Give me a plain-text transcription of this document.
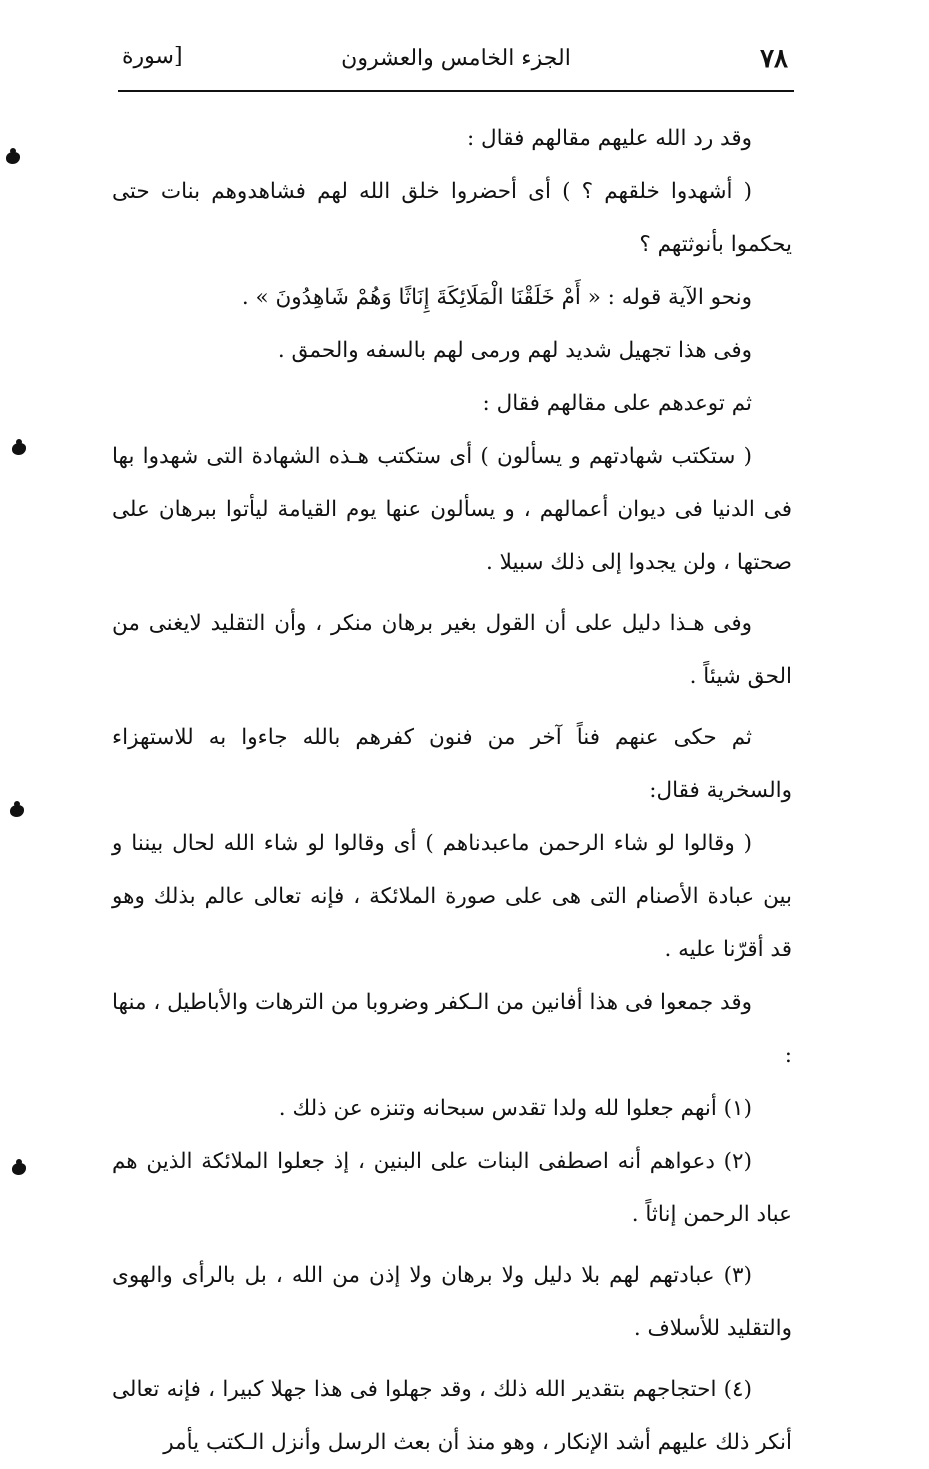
٧٨
الجزء الخامس والعشرون
[سورة

وقد رد الله عليهم مقالهم فقال :

( أشهدوا خلقهم ؟ ) أى أحضروا خلق الله لهم فشاهدوهم بنات حتى يحكموا بأنوثتهم ؟

ونحو الآية قوله : « أَمْ خَلَقْنَا الْمَلَائِكَةَ إِنَاثًا وَهُمْ شَاهِدُونَ » .

وفى هذا تجهيل شديد لهم ورمى لهم بالسفه والحمق .

ثم توعدهم على مقالهم فقال :

( ستكتب شهادتهم و يسألون ) أى ستكتب هـذه الشهادة التى شهدوا بها فى الدنيا فى ديوان أعمالهم ، و يسألون عنها يوم القيامة ليأتوا ببرهان على صحتها ، ولن يجدوا إلى ذلك سبيلا .

وفى هـذا دليل على أن القول بغير برهان منكر ، وأن التقليد لايغنى من الحق شيئاً .

ثم حكى عنهم فناً آخر من فنون كفرهم بالله جاءوا به للاستهزاء والسخرية فقال:

( وقالوا لو شاء الرحمن ماعبدناهم ) أى وقالوا لو شاء الله لحال بيننا و بين عبادة الأصنام التى هى على صورة الملائكة ، فإنه تعالى عالم بذلك وهو قد أقرّنا عليه .

وقد جمعوا فى هذا أفانين من الـكفر وضروبا من الترهات والأباطيل ، منها :

(١) أنهم جعلوا لله ولدا تقدس سبحانه وتنزه عن ذلك .

(٢) دعواهم أنه اصطفى البنات على البنين ، إذ جعلوا الملائكة الذين هم عباد الرحمن إناثاً .

(٣) عبادتهم لهم بلا دليل ولا برهان ولا إذن من الله ، بل بالرأى والهوى والتقليد للأسلاف .

(٤) احتجاجهم بتقدير الله ذلك ، وقد جهلوا فى هذا جهلا كبيرا ، فإنه تعالى أنكر ذلك عليهم أشد الإنكار ، وهو منذ أن بعث الرسل وأنزل الـكتب يأمر
